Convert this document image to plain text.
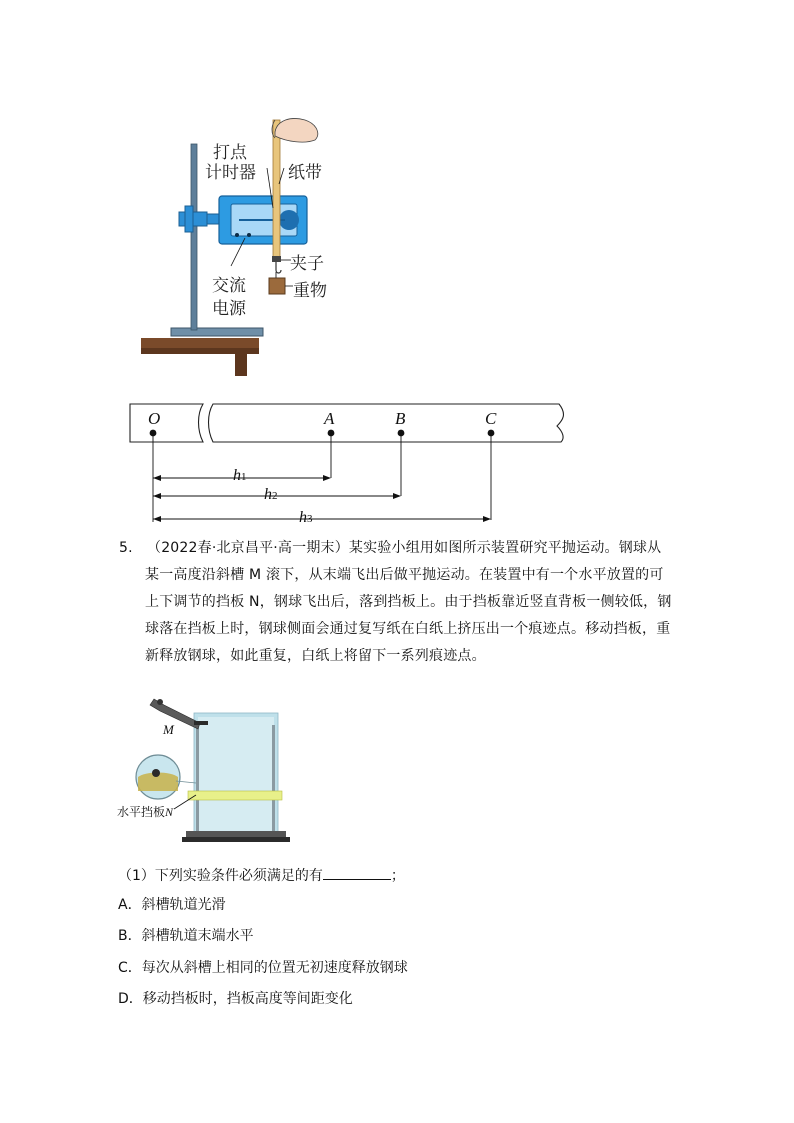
打点
计时器 纸带
夹子
交流	重物
电源
O	A	B	C
h1
h2
h3
5. （2022春·北京昌平·高一期末）某实验小组用如图所示装置研究平抛运动。钢球从某一高度沿斜槽 M 滚下，从末端飞出后做平抛运动。在装置中有一个水平放置的可上下调节的挡板 N，钢球飞出后，落到挡板上。由于挡板靠近竖直背板一侧较低，钢球落在挡板上时，钢球侧面会通过复写纸在白纸上挤压出一个痕迹点。移动挡板，重新释放钢球，如此重复，白纸上将留下一系列痕迹点。
M
水平挡板N
（1）下列实验条件必须满足的有	；
A．斜槽轨道光滑
B．斜槽轨道末端水平
C．每次从斜槽上相同的位置无初速度释放钢球
D．移动挡板时，挡板高度等间距变化
